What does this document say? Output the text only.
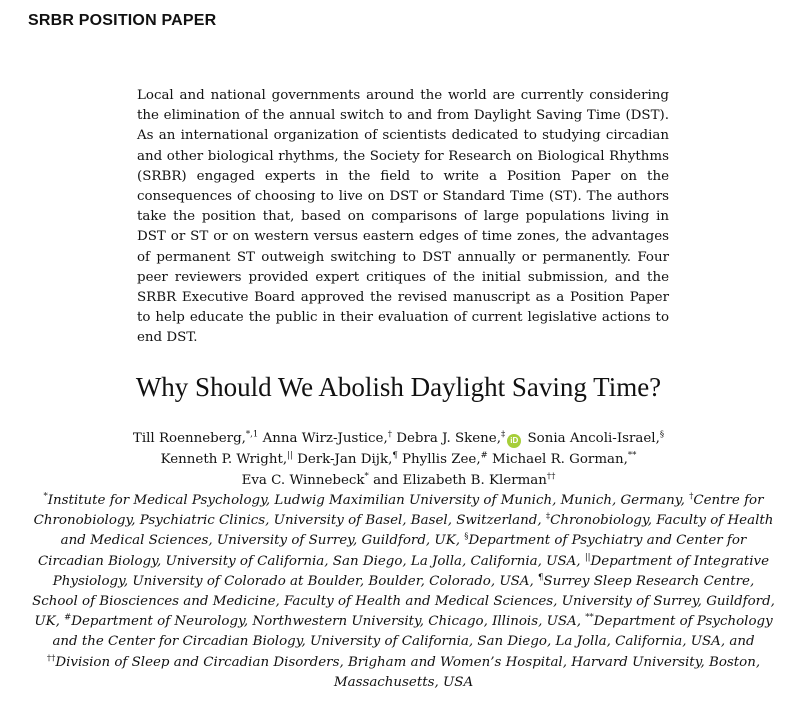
SRBR POSITION PAPER

Local and national governments around the world are currently considering the elimination of the annual switch to and from Daylight Saving Time (DST). As an international organization of scientists dedicated to studying circadian and other biological rhythms, the Society for Research on Biological Rhythms (SRBR) engaged experts in the field to write a Position Paper on the consequences of choosing to live on DST or Standard Time (ST). The authors take the position that, based on comparisons of large populations living in DST or ST or on western versus eastern edges of time zones, the advantages of permanent ST outweigh switching to DST annually or permanently. Four peer reviewers provided expert critiques of the initial submission, and the SRBR Executive Board approved the revised manuscript as a Position Paper to help educate the public in their evaluation of current legislative actions to end DST.

Why Should We Abolish Daylight Saving Time?
Till Roenneberg,$^{*,1}$ Anna Wirz-Justice,† Debra J. Skene,‡iD Sonia Ancoli-Israel,§
Kenneth P. Wright,|| Derk-Jan Dijk,¶ Phyllis Zee,# Michael R. Gorman,**
Eva C. Winnebeck* and Elizabeth B. Klerman††
*Institute for Medical Psychology, Ludwig Maximilian University of Munich, Munich, Germany, †Centre for Chronobiology, Psychiatric Clinics, University of Basel, Basel, Switzerland, ‡Chronobiology, Faculty of Health and Medical Sciences, University of Surrey, Guildford, UK, §Department of Psychiatry and Center for Circadian Biology, University of California, San Diego, La Jolla, California, USA, ||Department of Integrative Physiology, University of Colorado at Boulder, Boulder, Colorado, USA, ¶Surrey Sleep Research Centre, School of Biosciences and Medicine, Faculty of Health and Medical Sciences, University of Surrey, Guildford, UK, #Department of Neurology, Northwestern University, Chicago, Illinois, USA, **Department of Psychology and the Center for Circadian Biology, University of California, San Diego, La Jolla, California, USA, and ††Division of Sleep and Circadian Disorders, Brigham and Women’s Hospital, Harvard University, Boston, Massachusetts, USA
